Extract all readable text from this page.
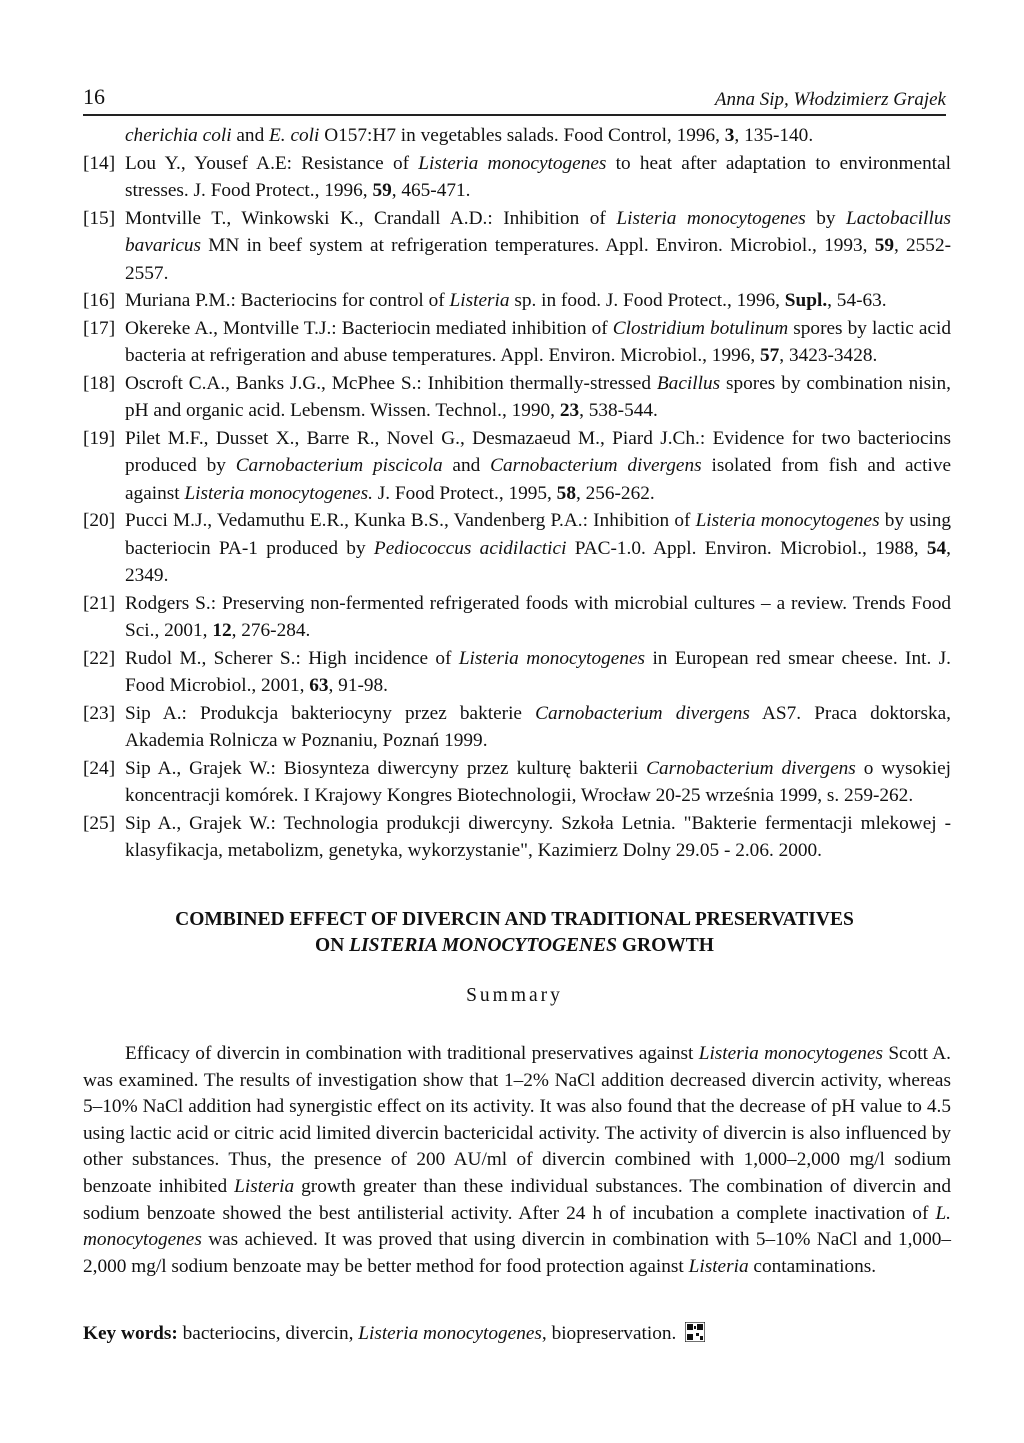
16	Anna Sip, Włodzimierz Grajek
cherichia coli and E. coli O157:H7 in vegetables salads. Food Control, 1996, 3, 135-140.
[14] Lou Y., Yousef A.E: Resistance of Listeria monocytogenes to heat after adaptation to environmental stresses. J. Food Protect., 1996, 59, 465-471.
[15] Montville T., Winkowski K., Crandall A.D.: Inhibition of Listeria monocytogenes by Lactobacillus bavaricus MN in beef system at refrigeration temperatures. Appl. Environ. Microbiol., 1993, 59, 2552-2557.
[16] Muriana P.M.: Bacteriocins for control of Listeria sp. in food. J. Food Protect., 1996, Supl., 54-63.
[17] Okereke A., Montville T.J.: Bacteriocin mediated inhibition of Clostridium botulinum spores by lactic acid bacteria at refrigeration and abuse temperatures. Appl. Environ. Microbiol., 1996, 57, 3423-3428.
[18] Oscroft C.A., Banks J.G., McPhee S.: Inhibition thermally-stressed Bacillus spores by combination nisin, pH and organic acid. Lebensm. Wissen. Technol., 1990, 23, 538-544.
[19] Pilet M.F., Dusset X., Barre R., Novel G., Desmazaeud M., Piard J.Ch.: Evidence for two bacteriocins produced by Carnobacterium piscicola and Carnobacterium divergens isolated from fish and active against Listeria monocytogenes. J. Food Protect., 1995, 58, 256-262.
[20] Pucci M.J., Vedamuthu E.R., Kunka B.S., Vandenberg P.A.: Inhibition of Listeria monocytogenes by using bacteriocin PA-1 produced by Pediococcus acidilactici PAC-1.0. Appl. Environ. Microbiol., 1988, 54, 2349.
[21] Rodgers S.: Preserving non-fermented refrigerated foods with microbial cultures – a review. Trends Food Sci., 2001, 12, 276-284.
[22] Rudol M., Scherer S.: High incidence of Listeria monocytogenes in European red smear cheese. Int. J. Food Microbiol., 2001, 63, 91-98.
[23] Sip A.: Produkcja bakteriocyny przez bakterie Carnobacterium divergens AS7. Praca doktorska, Akademia Rolnicza w Poznaniu, Poznań 1999.
[24] Sip A., Grajek W.: Biosynteza diwercyny przez kulturę bakterii Carnobacterium divergens o wysokiej koncentracji komórek. I Krajowy Kongres Biotechnologii, Wrocław 20-25 września 1999, s. 259-262.
[25] Sip A., Grajek W.: Technologia produkcji diwercyny. Szkoła Letnia. "Bakterie fermentacji mlekowej - klasyfikacja, metabolizm, genetyka, wykorzystanie", Kazimierz Dolny 29.05 - 2.06. 2000.
COMBINED EFFECT OF DIVERCIN AND TRADITIONAL PRESERVATIVES
ON LISTERIA MONOCYTOGENES GROWTH
Summary
Efficacy of divercin in combination with traditional preservatives against Listeria monocytogenes Scott A. was examined. The results of investigation show that 1–2% NaCl addition decreased divercin activity, whereas 5–10% NaCl addition had synergistic effect on its activity. It was also found that the decrease of pH value to 4.5 using lactic acid or citric acid limited divercin bactericidal activity. The activity of divercin is also influenced by other substances. Thus, the presence of 200 AU/ml of divercin combined with 1,000–2,000 mg/l sodium benzoate inhibited Listeria growth greater than these individual substances. The combination of divercin and sodium benzoate showed the best antilisterial activity. After 24 h of incubation a complete inactivation of L. monocytogenes was achieved. It was proved that using divercin in combination with 5–10% NaCl and 1,000–2,000 mg/l sodium benzoate may be better method for food protection against Listeria contaminations.
Key words: bacteriocins, divercin, Listeria monocytogenes, biopreservation.
